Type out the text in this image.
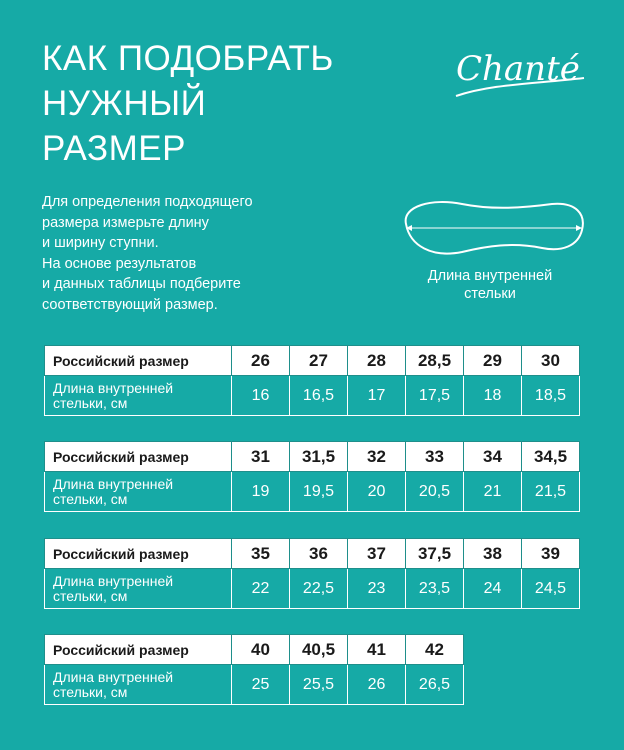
КАК ПОДОБРАТЬ
НУЖНЫЙ
РАЗМЕР
Chanté

Для определения подходящего
размера измерьте длину
и ширину ступни.
На основе результатов
и данных таблицы подберите
соответствующий размер.

Длина внутренней
стельки
Российский размер	26	27	28	28,5	29	30

Длина внутренней
стельки, см	16	16,5	17	17,5	18	18,5
Российский размер	31	31,5	32	33	34	34,5

Длина внутренней
стельки, см	19	19,5	20	20,5	21	21,5
Российский размер	35	36	37	37,5	38	39

Длина внутренней
стельки, см	22	22,5	23	23,5	24	24,5
Российский размер	40	40,5	41	42

Длина внутренней
стельки, см	25	25,5	26	26,5
